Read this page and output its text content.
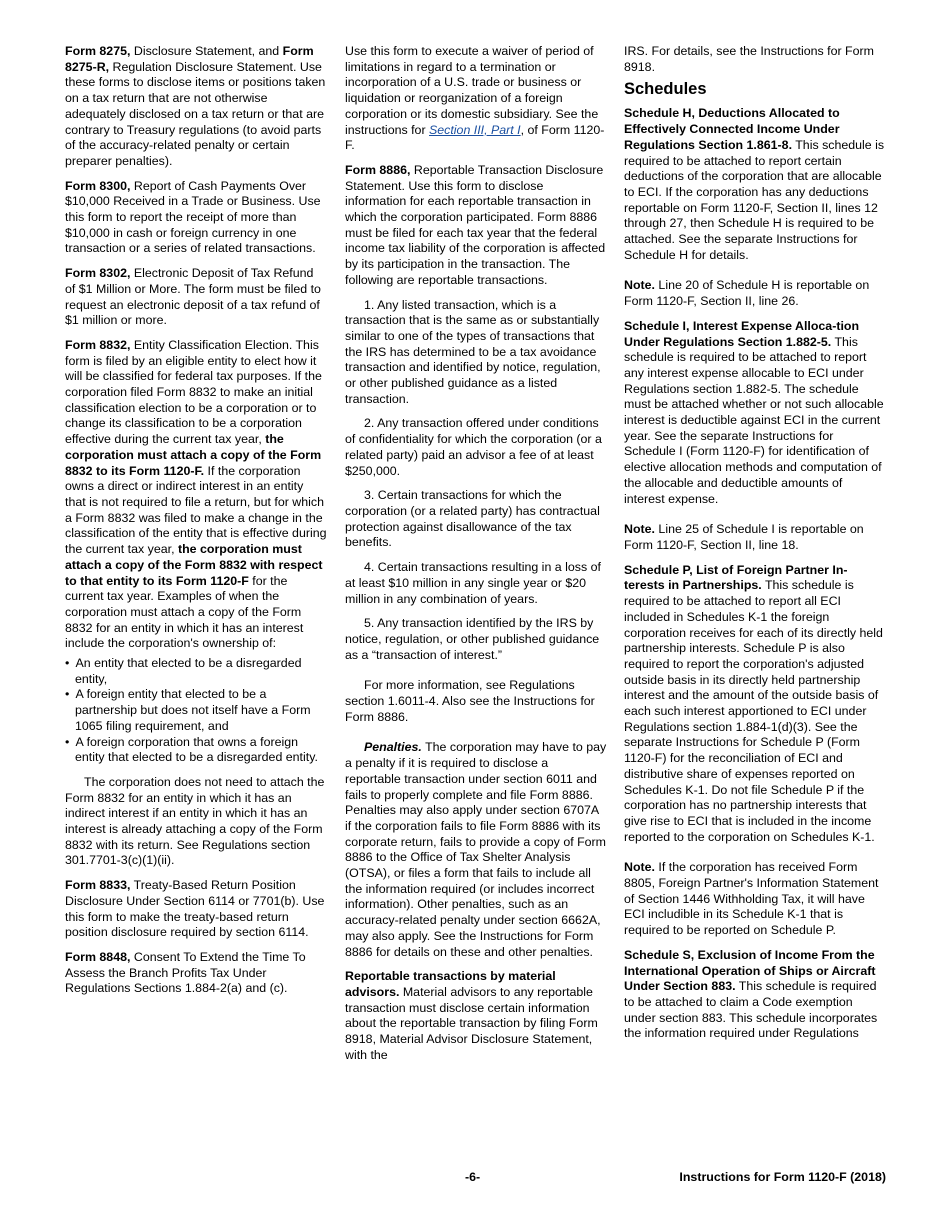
Form 8275, Disclosure Statement, and Form 8275-R, Regulation Disclosure Statement. Use these forms to disclose items or positions taken on a tax return that are not otherwise adequately disclosed on a tax return or that are contrary to Treasury regulations (to avoid parts of the accuracy-related penalty or certain preparer penalties).

Form 8300, Report of Cash Payments Over $10,000 Received in a Trade or Business. Use this form to report the receipt of more than $10,000 in cash or foreign currency in one transaction or a series of related transactions.

Form 8302, Electronic Deposit of Tax Refund of $1 Million or More. The form must be filed to request an electronic deposit of a tax refund of $1 million or more.

Form 8832, Entity Classification Election. This form is filed by an eligible entity to elect how it will be classified for federal tax purposes. If the corporation filed Form 8832 to make an initial classification election to be a corporation or to change its classification to be a corporation effective during the current tax year, the corporation must attach a copy of the Form 8832 to its Form 1120-F. If the corporation owns a direct or indirect interest in an entity that is not required to file a return, but for which a Form 8832 was filed to make a change in the classification of the entity that is effective during the current tax year, the corporation must attach a copy of the Form 8832 with respect to that entity to its Form 1120-F for the current tax year. Examples of when the corporation must attach a copy of the Form 8832 for an entity in which it has an interest include the corporation's ownership of:

•  An entity that elected to be a disregarded entity,

•  A foreign entity that elected to be a partnership but does not itself have a Form 1065 filing requirement, and

•  A foreign corporation that owns a foreign entity that elected to be a disregarded entity.

The corporation does not need to attach the Form 8832 for an entity in which it has an indirect interest if an entity in which it has an interest is already attaching a copy of the Form 8832 with its return. See Regulations section 301.7701-3(c)(1)(ii).

Form 8833, Treaty-Based Return Position Disclosure Under Section 6114 or 7701(b). Use this form to make the treaty-based return position disclosure required by section 6114.

Form 8848, Consent To Extend the Time To Assess the Branch Profits Tax Under Regulations Sections 1.884-2(a) and (c).

Use this form to execute a waiver of period of limitations in regard to a termination or incorporation of a U.S. trade or business or liquidation or reorganization of a foreign corporation or its domestic subsidiary. See the instructions for Section III, Part I, of Form 1120-F.

Form 8886, Reportable Transaction Disclosure Statement. Use this form to disclose information for each reportable transaction in which the corporation participated. Form 8886 must be filed for each tax year that the federal income tax liability of the corporation is affected by its participation in the transaction. The following are reportable transactions.

1. Any listed transaction, which is a transaction that is the same as or substantially similar to one of the types of transactions that the IRS has determined to be a tax avoidance transaction and identified by notice, regulation, or other published guidance as a listed transaction.

2. Any transaction offered under conditions of confidentiality for which the corporation (or a related party) paid an advisor a fee of at least $250,000.

3. Certain transactions for which the corporation (or a related party) has contractual protection against disallowance of the tax benefits.

4. Certain transactions resulting in a loss of at least $10 million in any single year or $20 million in any combination of years.

5. Any transaction identified by the IRS by notice, regulation, or other published guidance as a “transaction of interest.”

For more information, see Regulations section 1.6011-4. Also see the Instructions for Form 8886.

Penalties. The corporation may have to pay a penalty if it is required to disclose a reportable transaction under section 6011 and fails to properly complete and file Form 8886. Penalties may also apply under section 6707A if the corporation fails to file Form 8886 with its corporate return, fails to provide a copy of Form 8886 to the Office of Tax Shelter Analysis (OTSA), or files a form that fails to include all the information required (or includes incorrect information). Other penalties, such as an accuracy-related penalty under section 6662A, may also apply. See the Instructions for Form 8886 for details on these and other penalties.

Reportable transactions by material advisors. Material advisors to any reportable transaction must disclose certain information about the reportable transaction by filing Form 8918, Material Advisor Disclosure Statement, with the

IRS. For details, see the Instructions for Form 8918.

Schedules

Schedule H, Deductions Allocated to Effectively Connected Income Under Regulations Section 1.861-8. This schedule is required to be attached to report certain deductions of the corporation that are allocable to ECI. If the corporation has any deductions reportable on Form 1120-F, Section II, lines 12 through 27, then Schedule H is required to be attached. See the separate Instructions for Schedule H for details.

Note. Line 20 of Schedule H is reportable on Form 1120-F, Section II, line 26.

Schedule I, Interest Expense Alloca-tion Under Regulations Section 1.882-5. This schedule is required to be attached to report any interest expense allocable to ECI under Regulations section 1.882-5. The schedule must be attached whether or not such allocable interest is deductible against ECI in the current year. See the separate Instructions for Schedule I (Form 1120-F) for identification of elective allocation methods and computation of the allocable and deductible amounts of interest expense.

Note. Line 25 of Schedule I is reportable on Form 1120-F, Section II, line 18.

Schedule P, List of Foreign Partner In-terests in Partnerships. This schedule is required to be attached to report all ECI included in Schedules K-1 the foreign corporation receives for each of its directly held partnership interests. Schedule P is also required to report the corporation's adjusted outside basis in its directly held partnership interest and the amount of the outside basis of each such interest apportioned to ECI under Regulations section 1.884-1(d)(3). See the separate Instructions for Schedule P (Form 1120-F) for the reconciliation of ECI and distributive share of expenses reported on Schedules K-1. Do not file Schedule P if the corporation has no partnership interests that give rise to ECI that is included in the income reported to the corporation on Schedules K-1.

Note. If the corporation has received Form 8805, Foreign Partner's Information Statement of Section 1446 Withholding Tax, it will have ECI includible in its Schedule K-1 that is required to be reported on Schedule P.

Schedule S, Exclusion of Income From the International Operation of Ships or Aircraft Under Section 883. This schedule is required to be attached to claim a Code exemption under section 883. This schedule incorporates the information required under Regulations

-6-	Instructions for Form 1120-F (2018)
